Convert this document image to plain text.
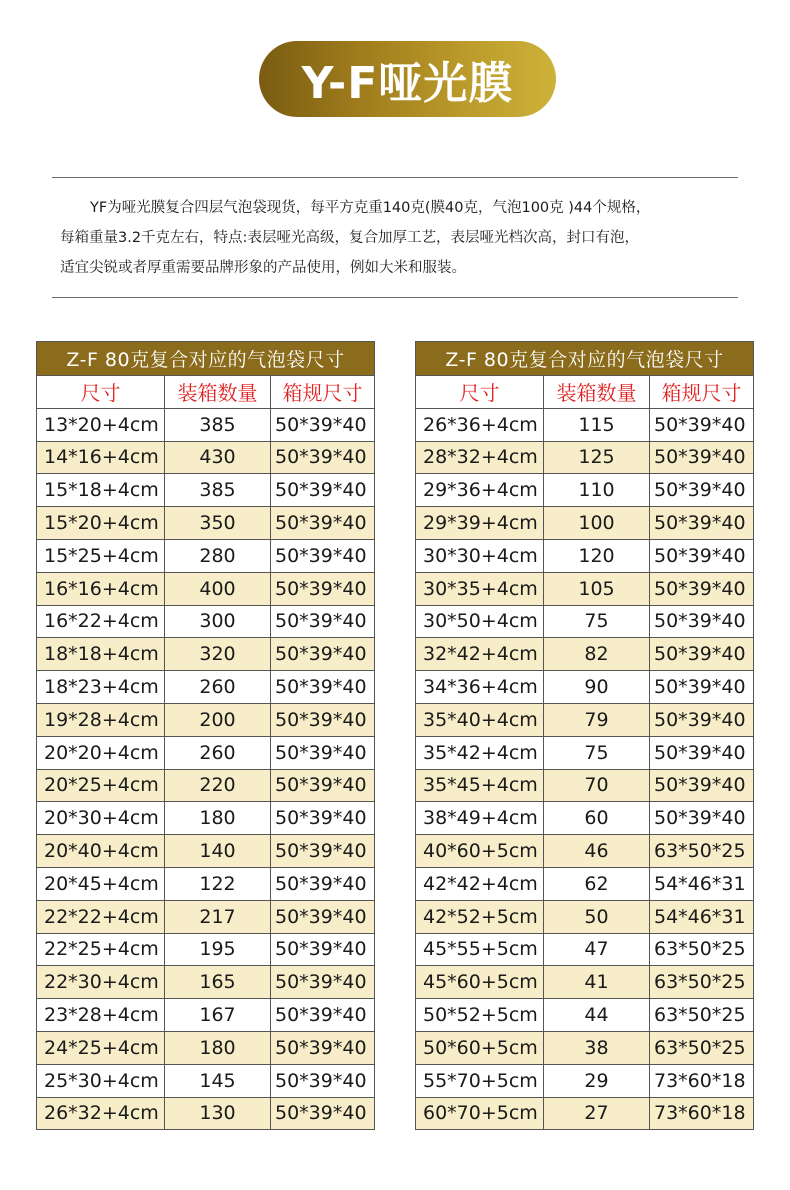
Y-F哑光膜

YF为哑光膜复合四层气泡袋现货，每平方克重140克(膜40克，气泡100克 )44个规格，

每箱重量3.2千克左右，特点:表层哑光高级，复合加厚工艺，表层哑光档次高，封口有泡，

适宜尖锐或者厚重需要品牌形象的产品使用，例如大米和服装。

Z-F 80克复合对应的气泡袋尺寸		
尺寸	装箱数量	箱规尺寸
13*20+4cm	385	50*39*40
14*16+4cm	430	50*39*40
15*18+4cm	385	50*39*40
15*20+4cm	350	50*39*40
15*25+4cm	280	50*39*40
16*16+4cm	400	50*39*40
16*22+4cm	300	50*39*40
18*18+4cm	320	50*39*40
18*23+4cm	260	50*39*40
19*28+4cm	200	50*39*40
20*20+4cm	260	50*39*40
20*25+4cm	220	50*39*40
20*30+4cm	180	50*39*40
20*40+4cm	140	50*39*40
20*45+4cm	122	50*39*40
22*22+4cm	217	50*39*40
22*25+4cm	195	50*39*40
22*30+4cm	165	50*39*40
23*28+4cm	167	50*39*40
24*25+4cm	180	50*39*40
25*30+4cm	145	50*39*40
26*32+4cm	130	50*39*40
Z-F 80克复合对应的气泡袋尺寸		
尺寸	装箱数量	箱规尺寸
26*36+4cm	115	50*39*40
28*32+4cm	125	50*39*40
29*36+4cm	110	50*39*40
29*39+4cm	100	50*39*40
30*30+4cm	120	50*39*40
30*35+4cm	105	50*39*40
30*50+4cm	75	50*39*40
32*42+4cm	82	50*39*40
34*36+4cm	90	50*39*40
35*40+4cm	79	50*39*40
35*42+4cm	75	50*39*40
35*45+4cm	70	50*39*40
38*49+4cm	60	50*39*40
40*60+5cm	46	63*50*25
42*42+4cm	62	54*46*31
42*52+5cm	50	54*46*31
45*55+5cm	47	63*50*25
45*60+5cm	41	63*50*25
50*52+5cm	44	63*50*25
50*60+5cm	38	63*50*25
55*70+5cm	29	73*60*18
60*70+5cm	27	73*60*18
